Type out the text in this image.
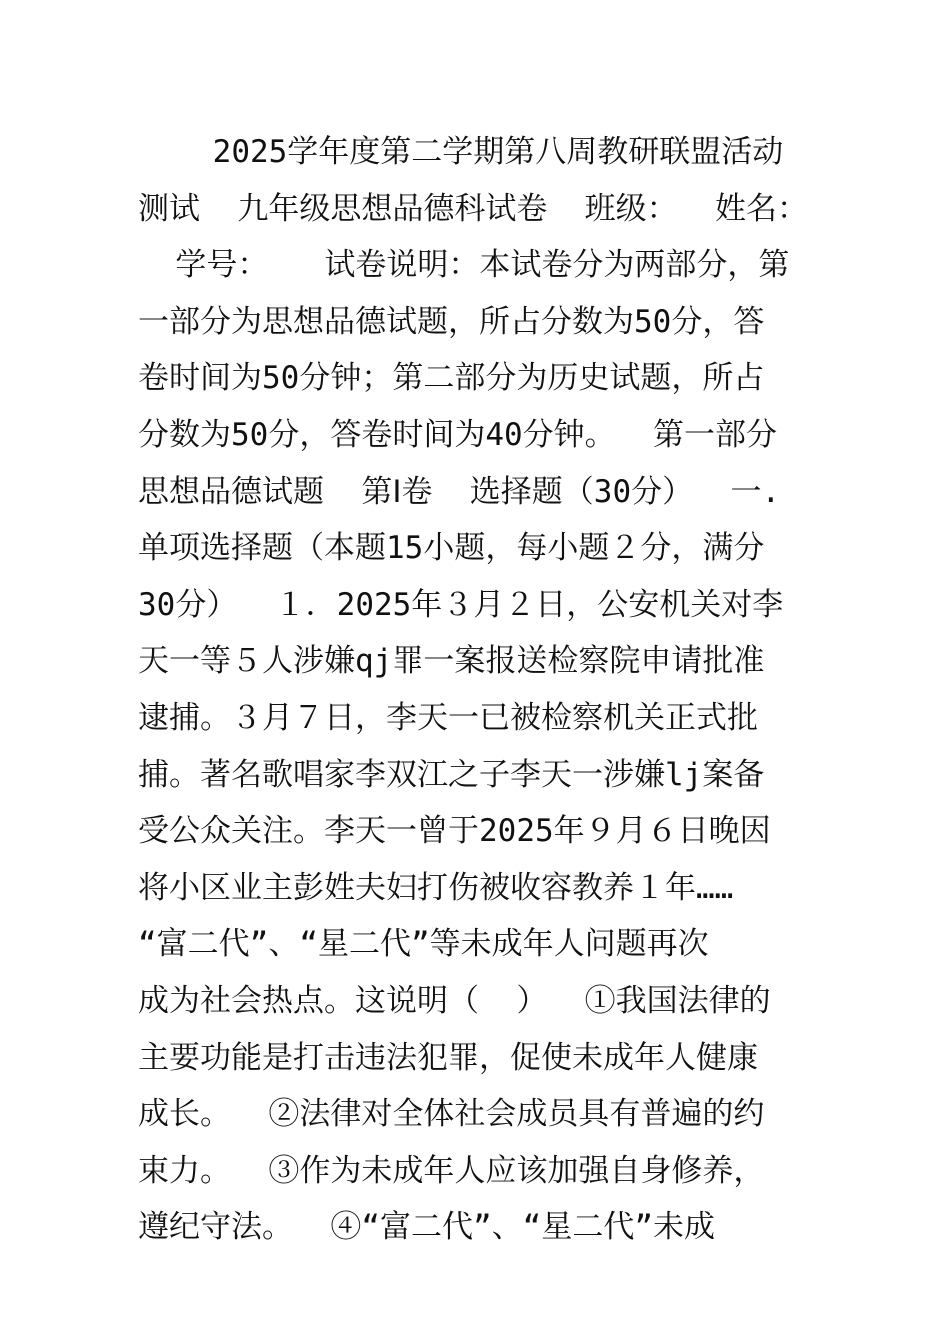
2025学年度第二学期第八周教研联盟活动
测试  九年级思想品德科试卷  班级：  姓名：
学号：   试卷说明：本试卷分为两部分，第
一部分为思想品德试题，所占分数为50分，答
卷时间为50分钟；第二部分为历史试题，所占
分数为50分，答卷时间为40分钟。  第一部分
思想品德试题  第Ⅰ卷  选择题（30分）  一.
单项选择题（本题15小题，每小题２分，满分
30分）  １．2025年３月２日，公安机关对李
天一等５人涉嫌qj罪一案报送检察院申请批准
逮捕。３月７日，李天一已被检察机关正式批
捕。著名歌唱家李双江之子李天一涉嫌lj案备
受公众关注。李天一曾于2025年９月６日晚因
将小区业主彭姓夫妇打伤被收容教养１年……
“富二代”、“星二代”等未成年人问题再次
成为社会热点。这说明（  ）  ①我国法律的
主要功能是打击违法犯罪，促使未成年人健康
成长。  ②法律对全体社会成员具有普遍的约
束力。  ③作为未成年人应该加强自身修养，
遵纪守法。  ④“富二代”、“星二代”未成
